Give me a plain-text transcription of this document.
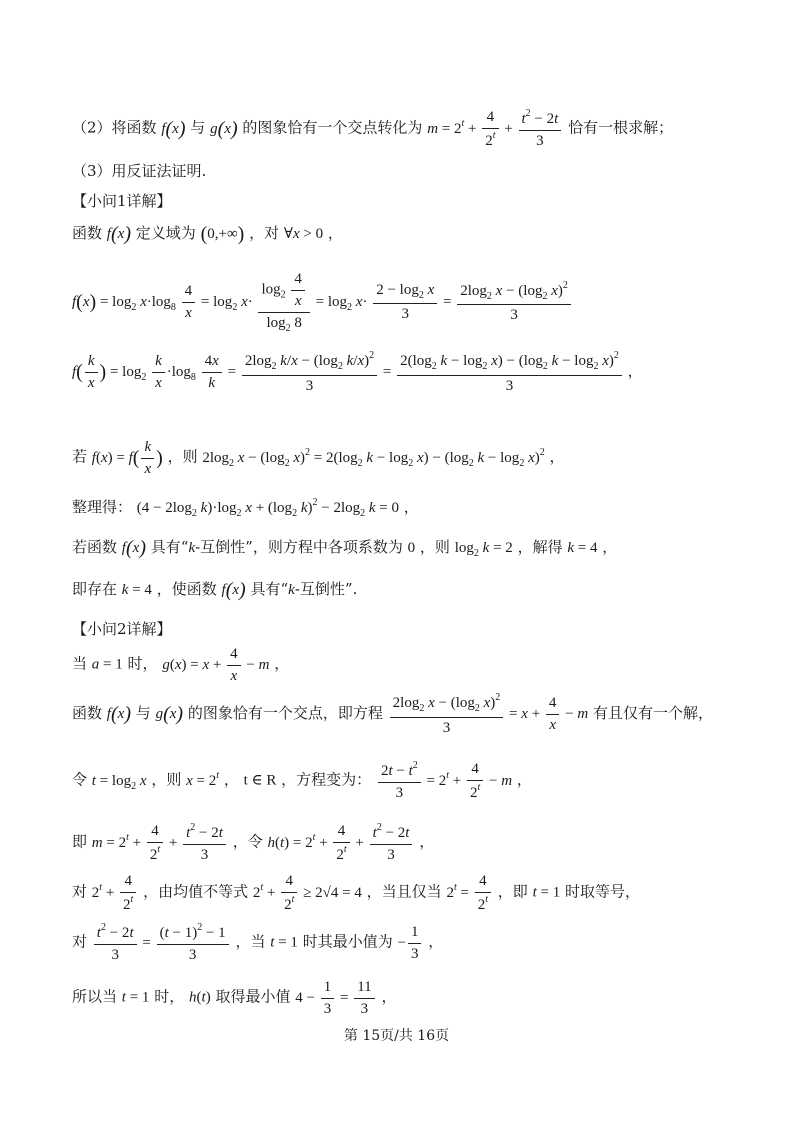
（2）将函数 f(x) 与 g(x) 的图象恰有一个交点转化为 $m = 2^t + \frac{4}{2^t} + \frac{t^2 - 2t}{3}$ 恰有一根求解；
（3）用反证法证明.
【小问1详解】
函数 f(x) 定义域为 (0,+∞) ，对 ∀x > 0 ，
$f(x) = \log_2 x\cdot\log_8 \frac{4}{x} = \log_2 x\cdot \frac{\log_2 \frac{4}{x}}{\log_2 8} = \log_2 x\cdot \frac{2 - \log_2 x}{3} = \frac{2\log_2 x - (\log_2 x)^2}{3}$
$f( \frac{k}{x}$ ) = $\log_2 \frac{k}{x} \cdot\log_8 \frac{4x}{k} = \frac{2\log_2 k/x - (\log_2 k/x)^2}{3} = \frac{2(\log_2 k - \log_2 x) - (\log_2 k - \log_2 x)^2}{3}$ ，
若 $f(x) = f( \frac{k}{x}$ ) ，则 $2\log_2$ $x - (\log_2$ $x)^2 = 2(\log_2$ $k - \log_2 x) - (\log_2$ $k - \log_2 x)^2$ ，
整理得： ($4 - 2\log_2$ $k)\cdot\log_2$ $x + (\log_2$ $k)^2 - 2\log_2$ k = 0 ，
若函数 f(x) 具有“k-互倒性”，则方程中各项系数为 0 ，则 $\log_2 k = 2$ ，解得 k = 4 ，
即存在 k = 4 ，使函数 f(x) 具有“k-互倒性”.
【小问2详解】
当 a = 1 时， $g(x) = x + \frac{4}{x} - m$ ，
函数 f(x) 与 g(x) 的图象恰有一个交点，即方程 $\frac{2\log_2 x - (\log_2 x)^2}{3} = x + \frac{4}{x} - m$ 有且仅有一个解，
令 $t = \log_2 x$ ，则 $x = 2^t$ ， t ∈ R ，方程变为： $\frac{2t - t^2}{3} = 2^t + \frac{4}{2^t} - m$ ，
即 $m = 2^t + \frac{4}{2^t} + \frac{t^2 - 2t}{3}$ ，令 $h(t) = 2^t + \frac{4}{2^t} + \frac{t^2 - 2t}{3}$ ，
对 $2^t + \frac{4}{2^t}$ ，由均值不等式 $2^t + \frac{4}{2^t} \ge 2√4 = 4$ ，当且仅当 $2^t = \frac{4}{2^t}$ ，即 t = 1 时取等号，
对 $\frac{t^2 - 2t}{3} = \frac{(t - 1)^2 - 1}{3}$ ，当 t = 1 时其最小值为 − $\frac{1}{3}$ ，
所以当 t = 1 时， h(t) 取得最小值 $4 - \frac{1}{3} = \frac{11}{3}$ ，
第 15页/共 16页
